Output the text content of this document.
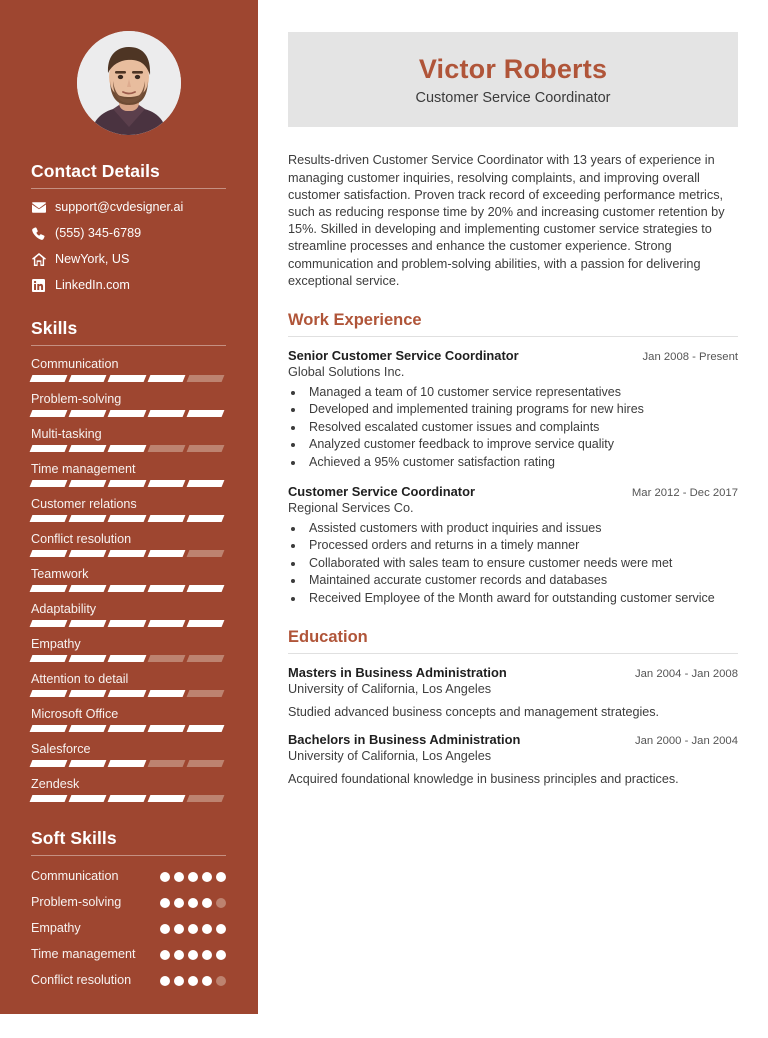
Contact Details
support@cvdesigner.ai
(555) 345-6789
NewYork, US
LinkedIn.com
Skills
Communication
Problem-solving
Multi-tasking
Time management
Customer relations
Conflict resolution
Teamwork
Adaptability
Empathy
Attention to detail
Microsoft Office
Salesforce
Zendesk
Soft Skills
Communication
Problem-solving
Empathy
Time management
Conflict resolution
Languages
Victor Roberts
Customer Service Coordinator

Results-driven Customer Service Coordinator with 13 years of experience in managing customer inquiries, resolving complaints, and improving overall customer satisfaction. Proven track record of exceeding performance metrics, such as reducing response time by 20% and increasing customer retention by 15%. Skilled in developing and implementing customer service strategies to streamline processes and enhance the customer experience. Strong communication and problem-solving abilities, with a passion for delivering exceptional service.

Work Experience
Senior Customer Service Coordinator	Jan 2008 - Present
Global Solutions Inc.
• Managed a team of 10 customer service representatives
• Developed and implemented training programs for new hires
• Resolved escalated customer issues and complaints
• Analyzed customer feedback to improve service quality
• Achieved a 95% customer satisfaction rating
Customer Service Coordinator	Mar 2012 - Dec 2017
Regional Services Co.
• Assisted customers with product inquiries and issues
• Processed orders and returns in a timely manner
• Collaborated with sales team to ensure customer needs were met
• Maintained accurate customer records and databases
• Received Employee of the Month award for outstanding customer service
Education
Masters in Business Administration	Jan 2004 - Jan 2008
University of California, Los Angeles
Studied advanced business concepts and management strategies.
Bachelors in Business Administration	Jan 2000 - Jan 2004
University of California, Los Angeles
Acquired foundational knowledge in business principles and practices.
